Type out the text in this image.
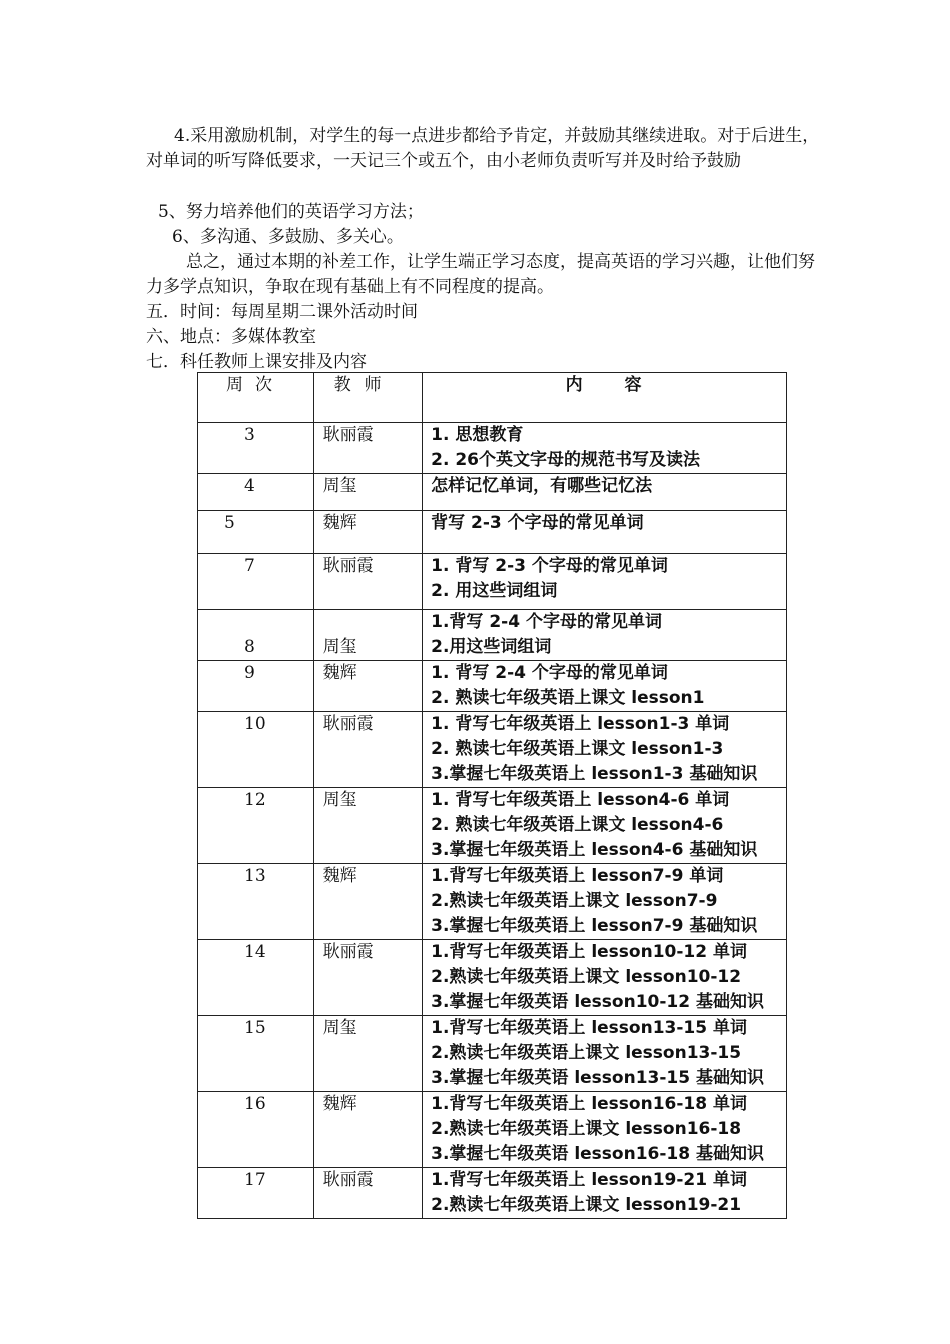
4.采用激励机制，对学生的每一点进步都给予肯定，并鼓励其继续进取。对于后进生，对单词的听写降低要求，一天记三个或五个，由小老师负责听写并及时给予鼓励

5、努力培养他们的英语学习方法；

6、多沟通、多鼓励、多关心。

总之，通过本期的补差工作，让学生端正学习态度，提高英语的学习兴趣，让他们努力多学点知识，争取在现有基础上有不同程度的提高。

五．时间：每周星期二课外活动时间

六、地点：多媒体教室

七．科任教师上课安排及内容

周次	教师	内容
3	耿丽霞	1. 思想教育
2. 26个英文字母的规范书写及读法

4	周玺	怎样记忆单词，有哪些记忆法

5	魏辉	背写 2-3 个字母的常见单词

7	耿丽霞	1. 背写 2-3 个字母的常见单词
2. 用这些词组词

8	周玺	1.背写 2-4 个字母的常见单词
2.用这些词组词

9	魏辉	1. 背写 2-4 个字母的常见单词
2. 熟读七年级英语上课文 lesson1

10	耿丽霞	1. 背写七年级英语上 lesson1-3 单词
2. 熟读七年级英语上课文 lesson1-3
3.掌握七年级英语上 lesson1-3 基础知识

12	周玺	1. 背写七年级英语上 lesson4-6 单词
2. 熟读七年级英语上课文 lesson4-6
3.掌握七年级英语上 lesson4-6 基础知识

13	魏辉	1.背写七年级英语上 lesson7-9 单词
2.熟读七年级英语上课文 lesson7-9
3.掌握七年级英语上 lesson7-9 基础知识

14	耿丽霞	1.背写七年级英语上 lesson10-12 单词
2.熟读七年级英语上课文 lesson10-12
3.掌握七年级英语 lesson10-12 基础知识

15	周玺	1.背写七年级英语上 lesson13-15 单词
2.熟读七年级英语上课文 lesson13-15
3.掌握七年级英语 lesson13-15 基础知识

16	魏辉	1.背写七年级英语上 lesson16-18 单词
2.熟读七年级英语上课文 lesson16-18
3.掌握七年级英语 lesson16-18 基础知识

17	耿丽霞	1.背写七年级英语上 lesson19-21 单词
2.熟读七年级英语上课文 lesson19-21
